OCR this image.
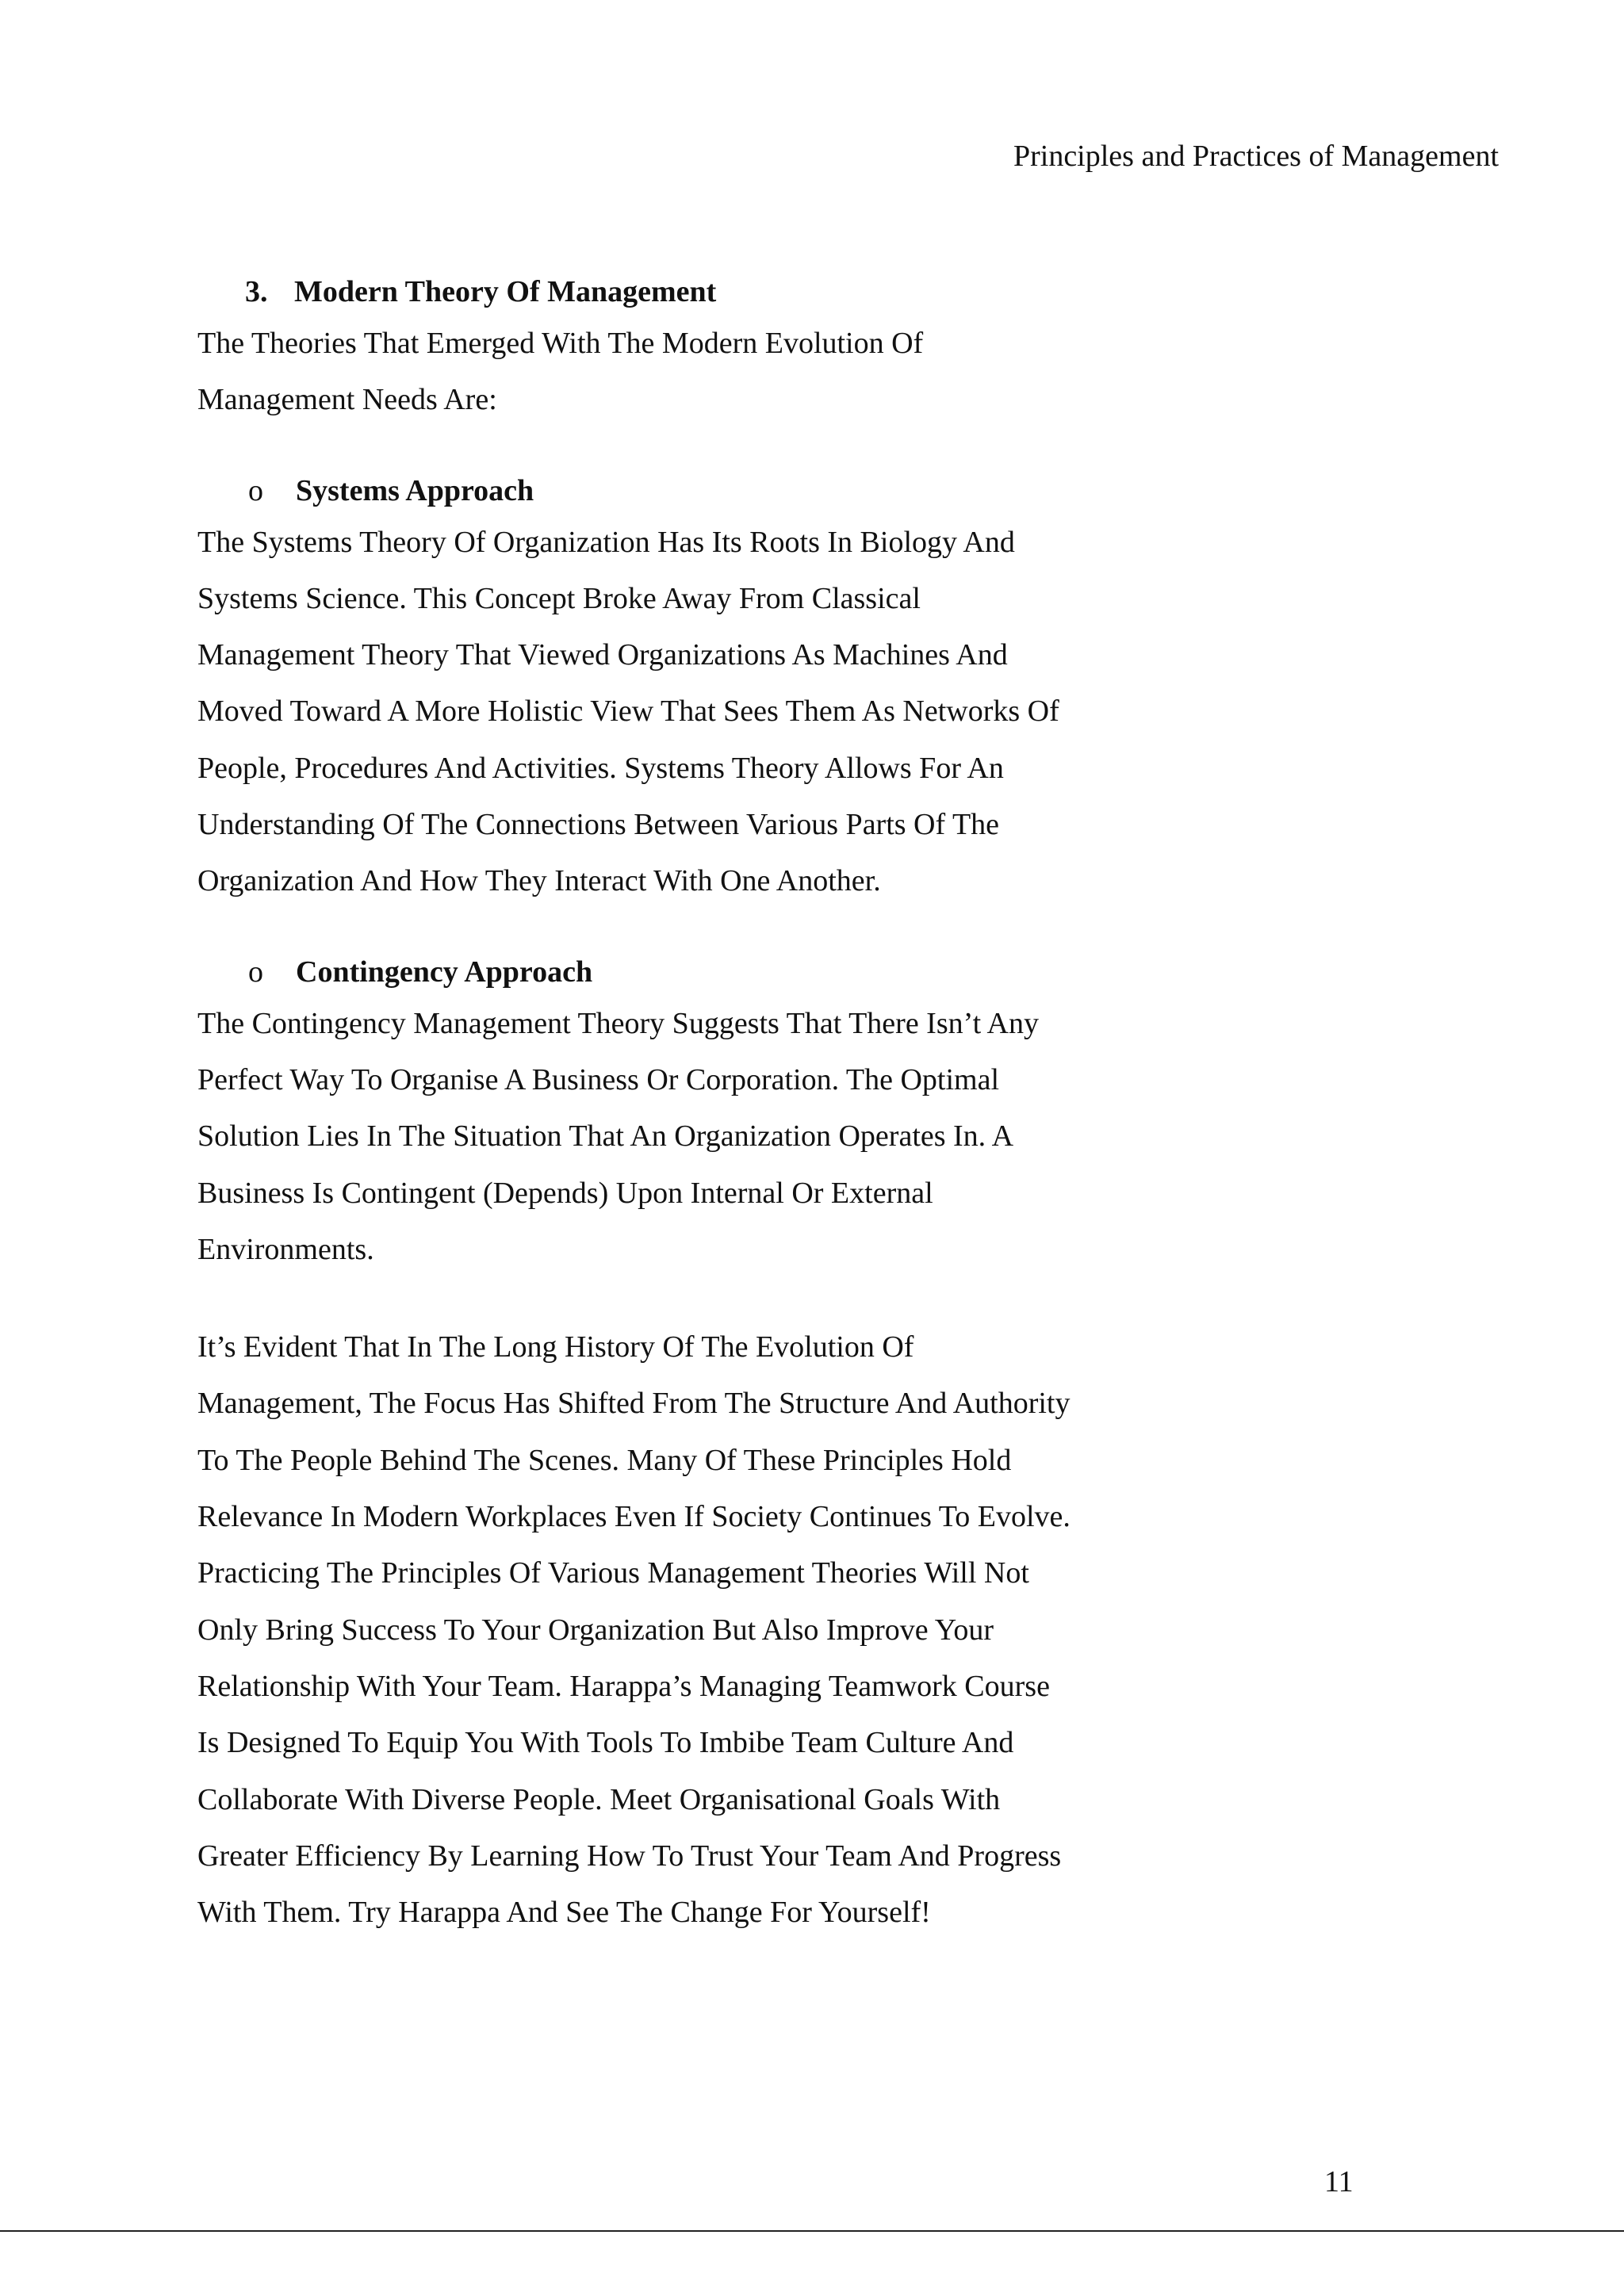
Principles and Practices of Management
3. Modern Theory Of Management

The Theories That Emerged With The Modern Evolution Of
Management Needs Are:

o Systems Approach

The Systems Theory Of Organization Has Its Roots In Biology And
Systems Science. This Concept Broke Away From Classical
Management Theory That Viewed Organizations As Machines And
Moved Toward A More Holistic View That Sees Them As Networks Of
People, Procedures And Activities. Systems Theory Allows For An
Understanding Of The Connections Between Various Parts Of The
Organization And How They Interact With One Another.

o Contingency Approach

The Contingency Management Theory Suggests That There Isn’t Any
Perfect Way To Organise A Business Or Corporation. The Optimal
Solution Lies In The Situation That An Organization Operates In. A
Business Is Contingent (Depends) Upon Internal Or External
Environments.

It’s Evident That In The Long History Of The Evolution Of
Management, The Focus Has Shifted From The Structure And Authority
To The People Behind The Scenes. Many Of These Principles Hold
Relevance In Modern Workplaces Even If Society Continues To Evolve.
Practicing The Principles Of Various Management Theories Will Not
Only Bring Success To Your Organization But Also Improve Your
Relationship With Your Team. Harappa’s Managing Teamwork Course
Is Designed To Equip You With Tools To Imbibe Team Culture And
Collaborate With Diverse People. Meet Organisational Goals With
Greater Efficiency By Learning How To Trust Your Team And Progress
With Them. Try Harappa And See The Change For Yourself!

11
